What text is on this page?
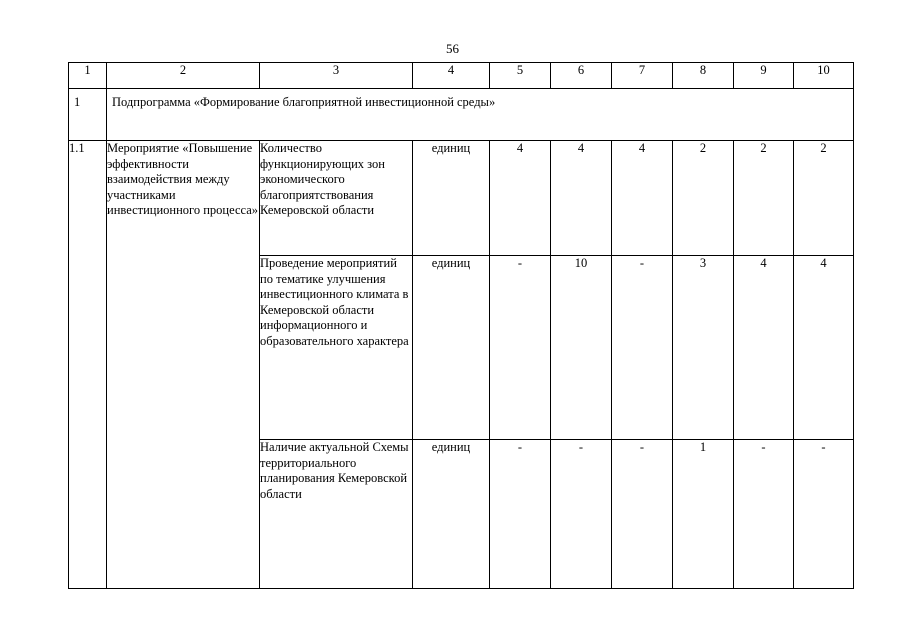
56
1	2	3	4	5	6	7	8	9	10
1	Подпрограмма «Формирование благоприятной инвестиционной среды»								
1.1	Мероприятие «Повышение эффективности взаимодействия между участниками инвестиционного процесса»	Количество функционирующих зон экономического благоприятствования Кемеровской области	единиц	4	4	4	2	2	2
		Проведение мероприятий по тематике улучшения инвестиционного климата в Кемеровской области информационного и образовательного характера	единиц	-	10	-	3	4	4
		Наличие актуальной Схемы территориального планирования Кемеровской области	единиц	-	-	-	1	-	-
